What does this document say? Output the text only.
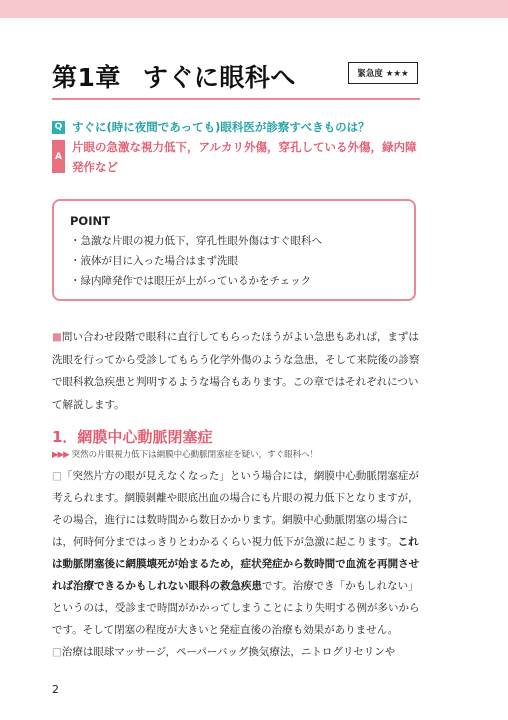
第1章 すぐに眼科へ	緊急度 ★★★
Q すぐに(時に夜間であっても)眼科医が診察すべきものは？
A
片眼の急激な視力低下，アルカリ外傷，穿孔している外傷，緑内障発作など
POINT
・急激な片眼の視力低下，穿孔性眼外傷はすぐ眼科へ
・液体が目に入った場合はまず洗眼
・緑内障発作では眼圧が上がっているかをチェック
■問い合わせ段階で眼科に直行してもらったほうがよい急患もあれば，まずは洗眼を行ってから受診してもらう化学外傷のような急患，そして来院後の診察で眼科救急疾患と判明するような場合もあります。この章ではそれぞれについて解説します。
1．網膜中心動脈閉塞症
▶▶▶ 突然の片眼視力低下は網膜中心動脈閉塞症を疑い，すぐ眼科へ！

□「突然片方の眼が見えなくなった」という場合には，網膜中心動脈閉塞症が考えられます。網膜剝離や眼底出血の場合にも片眼の視力低下となりますが，その場合，進行には数時間から数日かかります。網膜中心動脈閉塞の場合には，何時何分まではっきりとわかるくらい視力低下が急激に起こります。これは動脈閉塞後に網膜壊死が始まるため，症状発症から数時間で血流を再開させれば治療できるかもしれない眼科の救急疾患です。治療でき「かもしれない」というのは，受診まで時間がかかってしまうことにより失明する例が多いからです。そして閉塞の程度が大きいと発症直後の治療も効果がありません。

□治療は眼球マッサージ，ペーパーバッグ換気療法，ニトログリセリンや

2
